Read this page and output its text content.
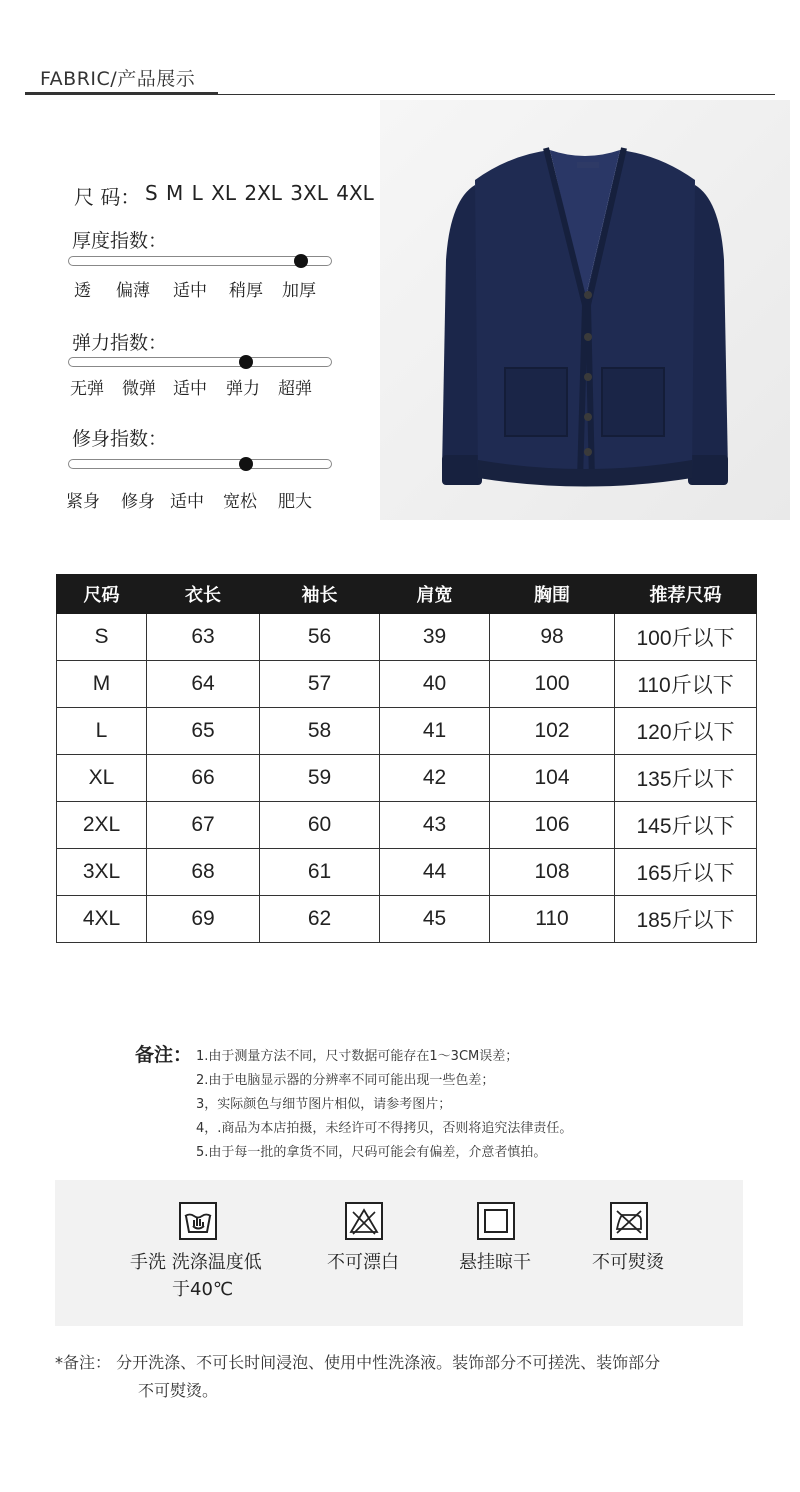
FABRIC/产品展示
尺 码： S M L XL 2XL 3XL 4XL
厚度指数：
透 偏薄 适中 稍厚 加厚
弹力指数：
无弹 微弹 适中 弹力 超弹
修身指数：
紧身 修身 适中 宽松 肥大
尺码	衣长	袖长	肩宽	胸围	推荐尺码
S	63	56	39	98	100斤以下
M	64	57	40	100	110斤以下
L	65	58	41	102	120斤以下
XL	66	59	42	104	135斤以下
2XL	67	60	43	106	145斤以下
3XL	68	61	44	108	165斤以下
4XL	69	62	45	110	185斤以下
备注： 1.由于测量方法不同，尺寸数据可能存在1～3CM误差；
2.由于电脑显示器的分辨率不同可能出现一些色差；
3，实际颜色与细节图片相似，请参考图片；
4，.商品为本店拍摄，未经许可不得拷贝，否则将追究法律责任。
5.由于每一批的拿货不同，尺码可能会有偏差，介意者慎拍。
手洗 洗涤温度低
于40℃
不可漂白	悬挂晾干	不可熨烫
*备注： 分开洗涤、不可长时间浸泡、使用中性洗涤液。装饰部分不可搓洗、装饰部分
不可熨烫。
